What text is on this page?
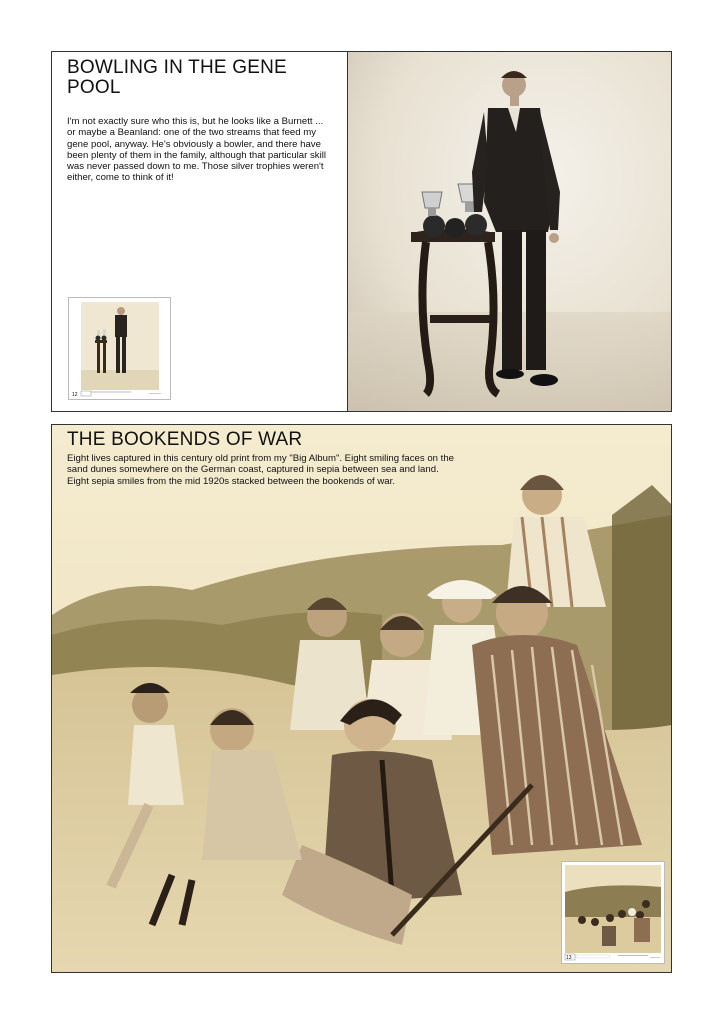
BOWLING IN THE GENE POOL

I'm not exactly sure who this is, but he looks like a Burnett ... or maybe a Beanland: one of the two streams that feed my gene pool, anyway. He's obviously a bowler, and there have been plenty of them in the family, although that particular skill was never passed down to me. Those silver trophies weren't either, come to think of it!

12
THE BOOKENDS OF WAR

Eight lives captured in this century old print from my "Big Album". Eight smiling faces on the sand dunes somewhere on the German coast, captured in sepia between sea and land. Eight sepia smiles from the mid 1920s stacked between the bookends of war.

13
